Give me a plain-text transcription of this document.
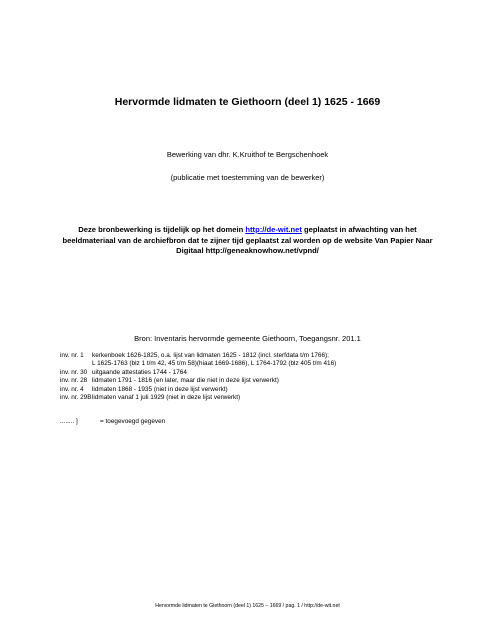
Hervormde lidmaten te Giethoorn (deel 1) 1625 - 1669
Bewerking van dhr. K.Kruithof te Bergschenhoek
(publicatie met toestemming van de bewerker)
Deze bronbewerking is tijdelijk op het domein http://de-wit.net geplaatst in afwachting van het beeldmateriaal van de archiefbron dat te zijner tijd geplaatst zal worden op de website Van Papier Naar Digitaal http://geneaknowhow.net/vpnd/
Bron: Inventaris hervormde gemeente Giethoorn, Toegangsnr. 201.1
inv. nr. 1	kerkenboek 1626-1825, o.a. lijst van lidmaten 1625 - 1812 (incl. sterfdata t/m 1766);
L 1625-1763 (blz 1 t/m 42, 45 t/m 58)(hiaat 1669-1686), L 1764-1792 (blz 405 t/m 416)
inv. nr. 30 uitgaande attestaties 1744 - 1764
inv. nr. 28 lidmaten 1791 - 1816 (en later, maar die niet in deze lijst verwerkt)
inv. nr. 4	lidmaten 1868 - 1935 (niet in deze lijst verwerkt)
inv. nr. 29B lidmaten vanaf 1 juli 1929 (niet in deze lijst verwerkt)
........ ]	= toegevoegd gegeven
Hervormde lidmaten te Giethoorn (deel 1) 1625 – 1669 / pag. 1 / http://de-wit.net
